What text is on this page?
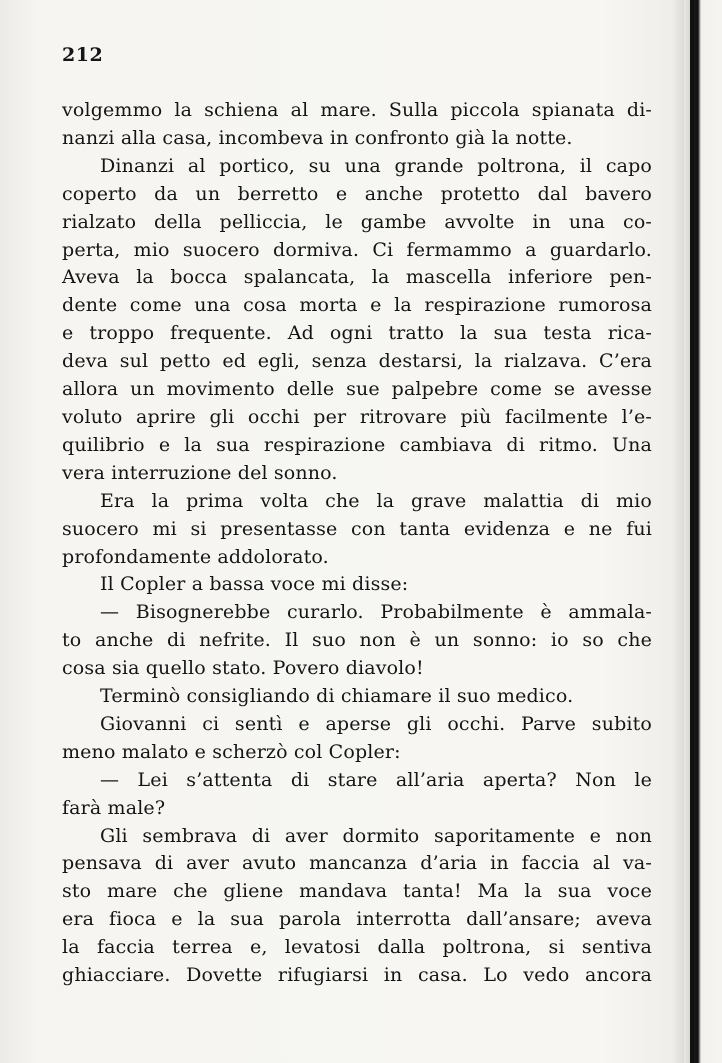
212
volgemmo la schiena al mare. Sulla piccola spianata di-
nanzi alla casa, incombeva in confronto già la notte.
Dinanzi al portico, su una grande poltrona, il capo
coperto da un berretto e anche protetto dal bavero
rialzato della pelliccia, le gambe avvolte in una co-
perta, mio suocero dormiva. Ci fermammo a guardarlo.
Aveva la bocca spalancata, la mascella inferiore pen-
dente come una cosa morta e la respirazione rumorosa
e troppo frequente. Ad ogni tratto la sua testa rica-
deva sul petto ed egli, senza destarsi, la rialzava. C’era
allora un movimento delle sue palpebre come se avesse
voluto aprire gli occhi per ritrovare più facilmente l’e-
quilibrio e la sua respirazione cambiava di ritmo. Una
vera interruzione del sonno.
Era la prima volta che la grave malattia di mio
suocero mi si presentasse con tanta evidenza e ne fui
profondamente addolorato.
Il Copler a bassa voce mi disse:
— Bisognerebbe curarlo. Probabilmente è ammala-
to anche di nefrite. Il suo non è un sonno: io so che
cosa sia quello stato. Povero diavolo!
Terminò consigliando di chiamare il suo medico.
Giovanni ci sentì e aperse gli occhi. Parve subito
meno malato e scherzò col Copler:
— Lei s’attenta di stare all’aria aperta? Non le
farà male?
Gli sembrava di aver dormito saporitamente e non
pensava di aver avuto mancanza d’aria in faccia al va-
sto mare che gliene mandava tanta! Ma la sua voce
era fioca e la sua parola interrotta dall’ansare; aveva
la faccia terrea e, levatosi dalla poltrona, si sentiva
ghiacciare. Dovette rifugiarsi in casa. Lo vedo ancora
